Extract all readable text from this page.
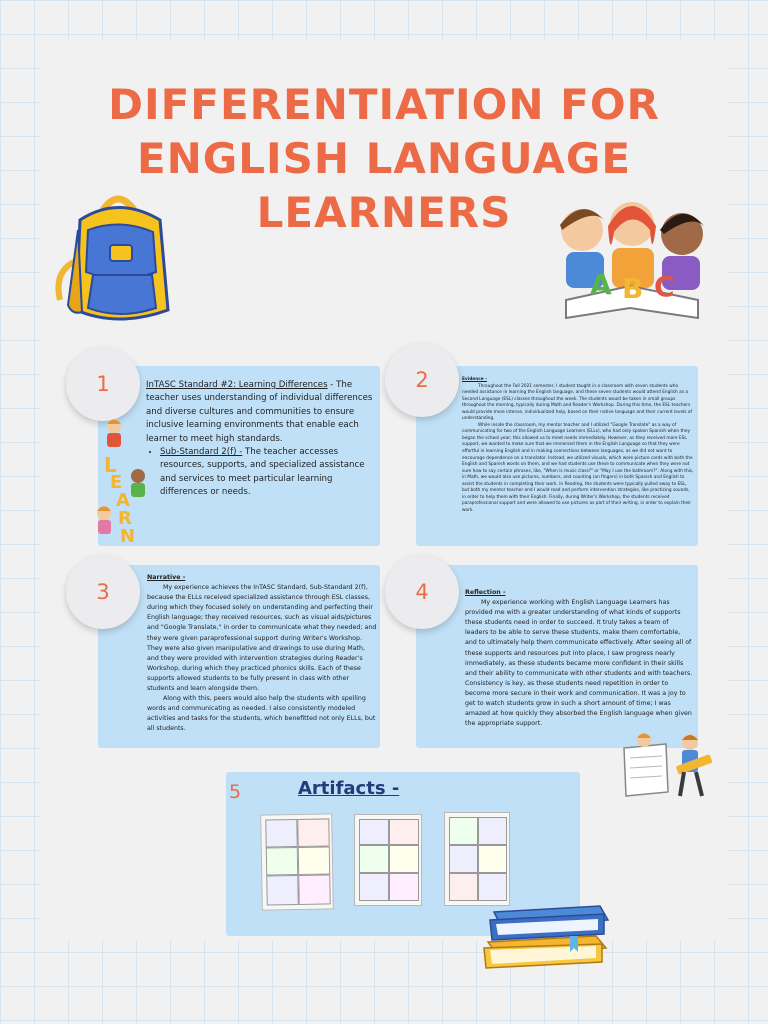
DIFFERENTIATION FOR
ENGLISH LANGUAGE
LEARNERS
A B C
1
L
E
A
R
N

InTASC Standard #2: Learning Differences - The teacher uses understanding of individual differences and diverse cultures and communities to ensure inclusive learning environments that enable each learner to meet high standards.

• Sub-Standard 2(f) - The teacher accesses resources, supports, and specialized assistance and services to meet particular learning differences or needs.
2	Evidence -

Throughout the Fall 2021 semester, I student taught in a classroom with seven students who needed assistance in learning the English language, and these seven students would attend English as a Second Language (ESL) classes throughout the week. The students would be taken in small groups throughout the morning, typically during Math and Reader's Workshop. During this time, the ESL teachers would provide more intense, individualized help, based on their native language and their current levels of understanding.

While inside the classroom, my mentor teacher and I utilized "Google Translate" as a way of communicating for two of the English Language Learners (ELLs), who had only spoken Spanish when they began the school year; this allowed us to meet needs immediately. However, as they received more ESL support, we wanted to make sure that we immersed them in the English Language so that they were effortful in learning English and in making connections between languages, as we did not want to encourage dependence on a translator. Instead, we utilized visuals, which were picture cards with both the English and Spanish words on them, and we had students use these to communicate when they were not sure how to say certain phrases, like, "When is music class?" or "May I use the bathroom?". Along with this, in Math, we would also use pictures, numbers, and counting (on fingers) in both Spanish and English to assist the students in completing their work. In Reading, the students were typically pulled away to ESL, but both my mentor teacher and I would read and perform intervention strategies, like practicing sounds, in order to help them with their English. Finally, during Writer's Workshop, the students received paraprofessional support and were allowed to use pictures as part of their writing, in order to explain their work.

3

Narrative -

My experience achieves the InTASC Standard, Sub-Standard 2(f), because the ELLs received specialized assistance through ESL classes, during which they focused solely on understanding and perfecting their English language; they received resources, such as visual aids/pictures and "Google Translate," in order to communicate what they needed; and they were given paraprofessional support during Writer's Workshop. They were also given manipulative and drawings to use during Math, and they were provided with intervention strategies during Reader's Workshop, during which they practiced phonics skills. Each of these supports allowed students to be fully present in class with other students and learn alongside them.

Along with this, peers would also help the students with spelling words and communicating as needed. I also consistently modeled activities and tasks for the students, which benefitted not only ELLs, but all students.

4	Reflection -

My experience working with English Language Learners has provided me with a greater understanding of what kinds of supports these students need in order to succeed. It truly takes a team of leaders to be able to serve these students, make them comfortable, and to ultimately help them communicate effectively. After seeing all of these supports and resources put into place, I saw progress nearly immediately, as these students became more confident in their skills and their ability to communicate with other students and with teachers. Consistency is key, as these students need repetition in order to become more secure in their work and communication. It was a joy to get to watch students grow in such a short amount of time; I was amazed at how quickly they absorbed the English language when given the appropriate support.

5	Artifacts -
